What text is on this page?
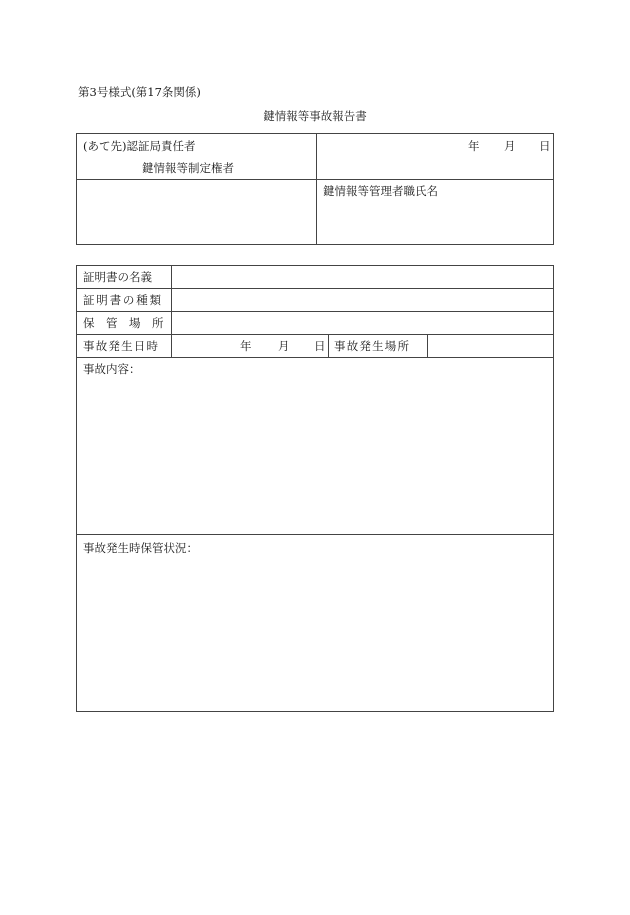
第3号様式(第17条関係)
鍵情報等事故報告書
(あて先)認証局責任者
鍵情報等制定権者
年 月 日
鍵情報等管理者職氏名
証明書の名義
証明書の種類
保　管　場　所
事故発生日時	年 月 日 事故発生場所
事故内容：
事故発生時保管状況：
